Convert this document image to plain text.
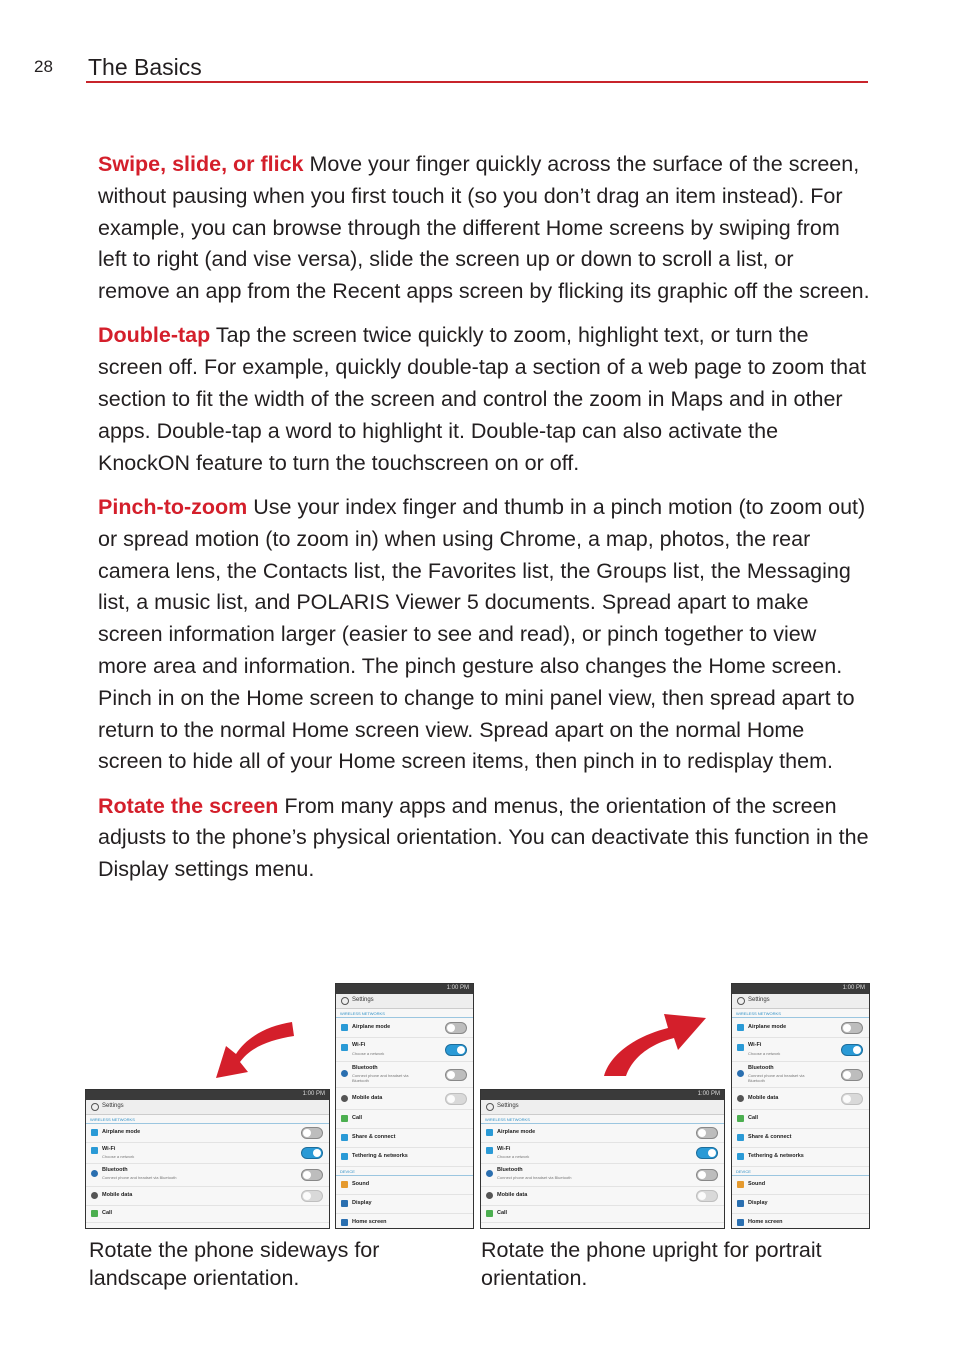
28 The Basics

Swipe, slide, or flick Move your finger quickly across the surface of the screen, without pausing when you first touch it (so you don’t drag an item instead). For example, you can browse through the different Home screens by swiping from left to right (and vise versa), slide the screen up or down to scroll a list, or remove an app from the Recent apps screen by flicking its graphic off the screen.

Double-tap Tap the screen twice quickly to zoom, highlight text, or turn the screen off. For example, quickly double-tap a section of a web page to zoom that section to fit the width of the screen and control the zoom in Maps and in other apps. Double-tap a word to highlight it. Double-tap can also activate the KnockON feature to turn the touchscreen on or off.

Pinch-to-zoom Use your index finger and thumb in a pinch motion (to zoom out) or spread motion (to zoom in) when using Chrome, a map, photos, the rear camera lens, the Contacts list, the Favorites list, the Groups list, the Messaging list, a music list, and POLARIS Viewer 5 documents. Spread apart to make screen information larger (easier to see and read), or pinch together to view more area and information. The pinch gesture also changes the Home screen. Pinch in on the Home screen to change to mini panel view, then spread apart to return to the normal Home screen view. Spread apart on the normal Home screen to hide all of your Home screen items, then pinch in to redisplay them.

Rotate the screen From many apps and menus, the orientation of the screen adjusts to the phone’s physical orientation. You can deactivate this function in the Display settings menu.

1:00 PM
Settings
WIRELESS NETWORKS
Airplane mode
Wi-Fi
Choose a network
Bluetooth
Connect phone and headset via Bluetooth
Mobile data
Call
1:00 PM
Settings
WIRELESS NETWORKS
Airplane mode
Wi-Fi
Choose a network
Bluetooth
Connect phone and headset via Bluetooth
Mobile data
Call
Share & connect
Tethering & networks
DEVICE
Sound
Display
Home screen
Rotate the phone sideways for landscape orientation.
1:00 PM
Settings
WIRELESS NETWORKS
Airplane mode
Wi-Fi
Choose a network
Bluetooth
Connect phone and headset via Bluetooth
Mobile data
Call
1:00 PM
Settings
WIRELESS NETWORKS
Airplane mode
Wi-Fi
Choose a network
Bluetooth
Connect phone and headset via Bluetooth
Mobile data
Call
Share & connect
Tethering & networks
DEVICE
Sound
Display
Home screen
Rotate the phone upright for portrait orientation.
